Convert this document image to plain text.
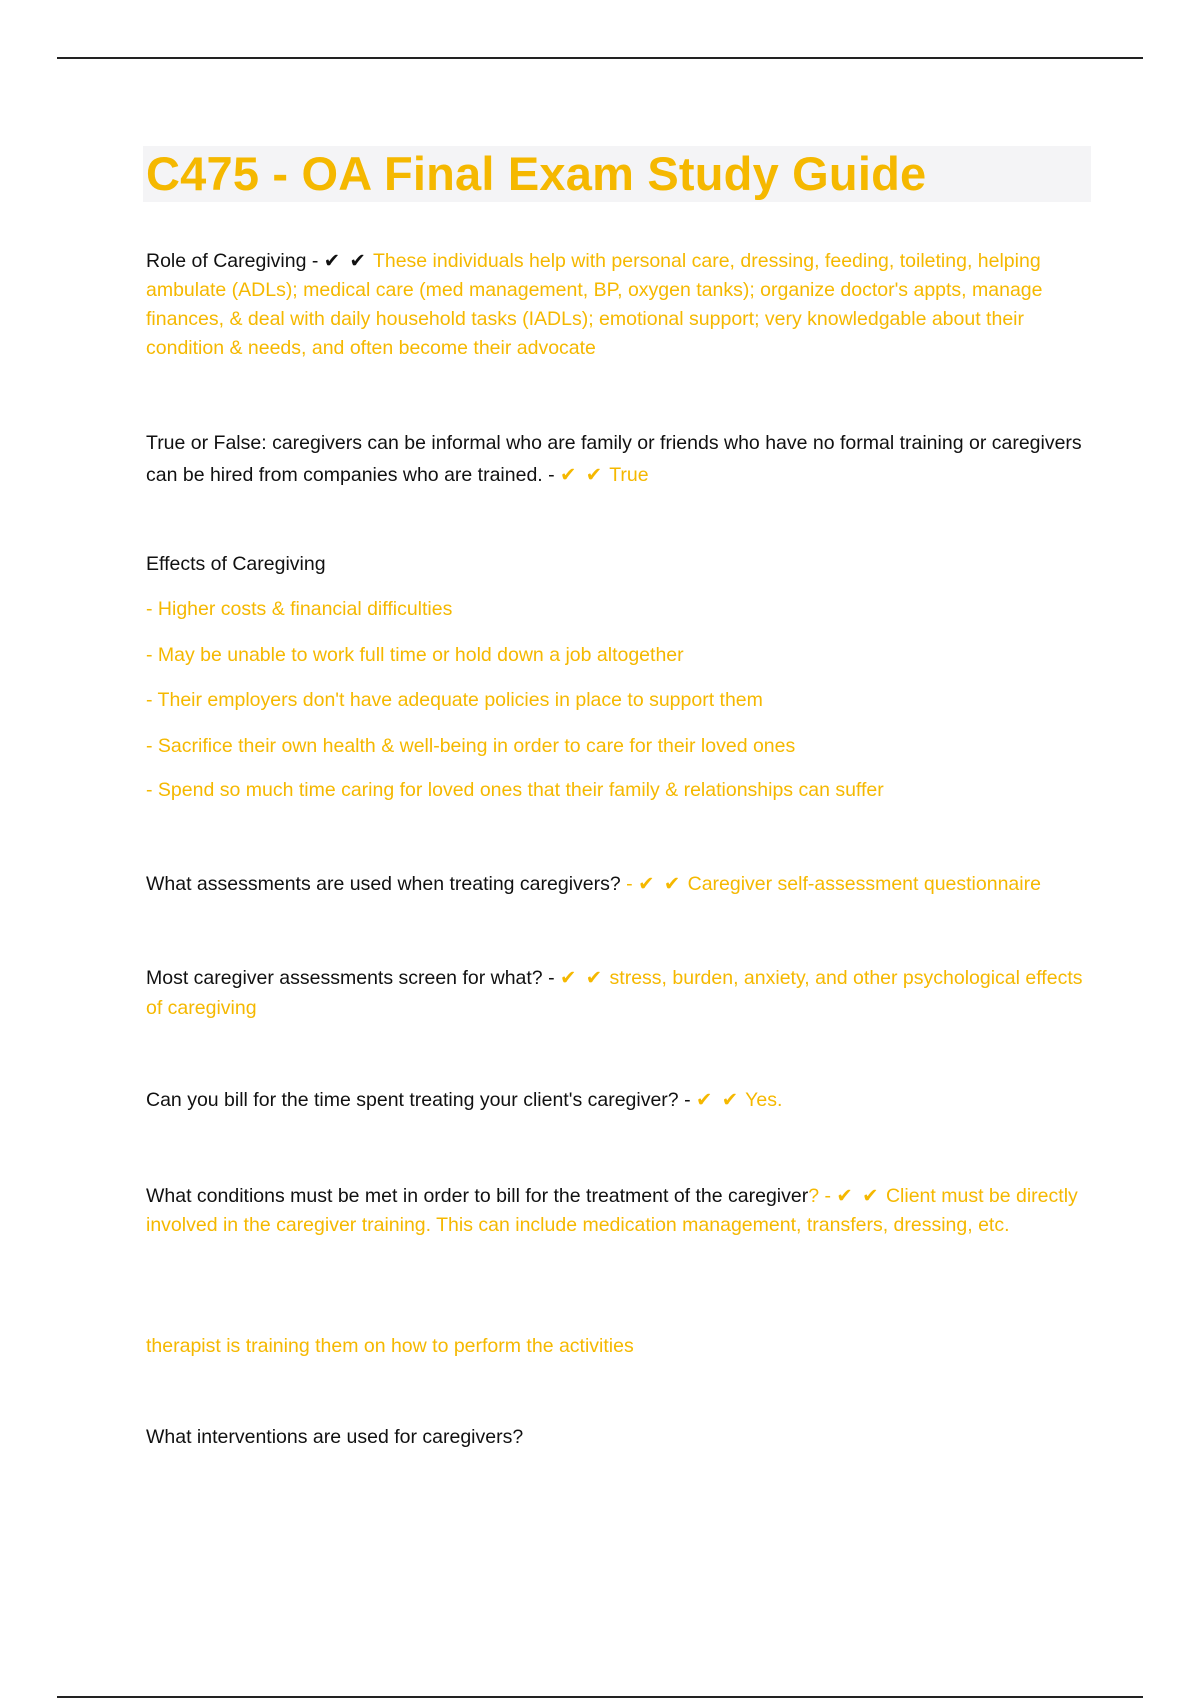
C475 - OA Final Exam Study Guide
Role of Caregiving - ✔ ✔ These individuals help with personal care, dressing, feeding, toileting, helping ambulate (ADLs); medical care (med management, BP, oxygen tanks); organize doctor's appts, manage finances, & deal with daily household tasks (IADLs); emotional support; very knowledgable about their condition & needs, and often become their advocate
True or False: caregivers can be informal who are family or friends who have no formal training or caregivers can be hired from companies who are trained. - ✔ ✔ True
Effects of Caregiving
- Higher costs & financial difficulties
- May be unable to work full time or hold down a job altogether
- Their employers don't have adequate policies in place to support them
- Sacrifice their own health & well-being in order to care for their loved ones
- Spend so much time caring for loved ones that their family & relationships can suffer
What assessments are used when treating caregivers? - ✔ ✔ Caregiver self-assessment questionnaire
Most caregiver assessments screen for what? - ✔ ✔ stress, burden, anxiety, and other psychological effects of caregiving
Can you bill for the time spent treating your client's caregiver? - ✔ ✔ Yes.
What conditions must be met in order to bill for the treatment of the caregiver? - ✔ ✔ Client must be directly involved in the caregiver training. This can include medication management, transfers, dressing, etc.
therapist is training them on how to perform the activities
What interventions are used for caregivers?
